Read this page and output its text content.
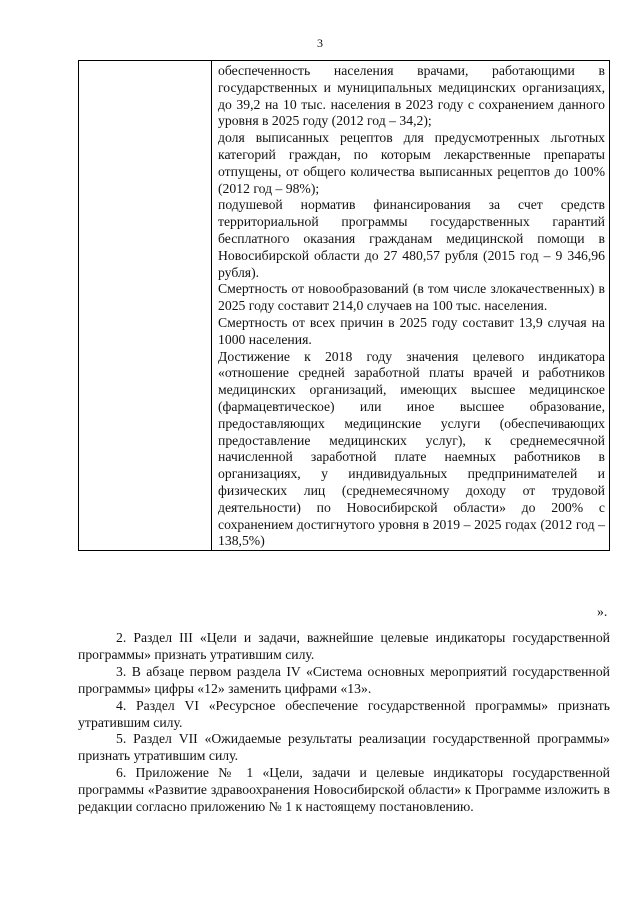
3

обеспеченность населения врачами, работающими в государственных и муниципальных медицинских организациях, до 39,2 на 10 тыс. населения в 2023 году с сохранением данного уровня в 2025 году (2012 год – 34,2);

доля выписанных рецептов для предусмотренных льготных категорий граждан, по которым лекарственные препараты отпущены, от общего количества выписанных рецептов до 100% (2012 год – 98%);

подушевой норматив финансирования за счет средств территориальной программы государственных гарантий бесплатного оказания гражданам медицинской помощи в Новосибирской области до 27 480,57 рубля (2015 год – 9 346,96 рубля).

Смертность от новообразований (в том числе злокачественных) в 2025 году составит 214,0 случаев на 100 тыс. населения.

Смертность от всех причин в 2025 году составит 13,9 случая на 1000 населения.

Достижение к 2018 году значения целевого индикатора «отношение средней заработной платы врачей и работников медицинских организаций, имеющих высшее медицинское (фармацевтическое) или иное высшее образование, предоставляющих медицинские услуги (обеспечивающих предоставление медицинских услуг), к среднемесячной начисленной заработной плате наемных работников в организациях, у индивидуальных предпринимателей и физических лиц (среднемесячному доходу от трудовой деятельности) по Новосибирской области» до 200% с сохранением достигнутого уровня в 2019 – 2025 годах (2012 год – 138,5%)

».

2. Раздел III «Цели и задачи, важнейшие целевые индикаторы государственной программы» признать утратившим силу.

3. В абзаце первом раздела IV «Система основных мероприятий государственной программы» цифры «12» заменить цифрами «13».

4. Раздел VI «Ресурсное обеспечение государственной программы» признать утратившим силу.

5. Раздел VII «Ожидаемые результаты реализации государственной программы» признать утратившим силу.

6. Приложение № 1 «Цели, задачи и целевые индикаторы государственной программы «Развитие здравоохранения Новосибирской области» к Программе изложить в редакции согласно приложению № 1 к настоящему постановлению.
